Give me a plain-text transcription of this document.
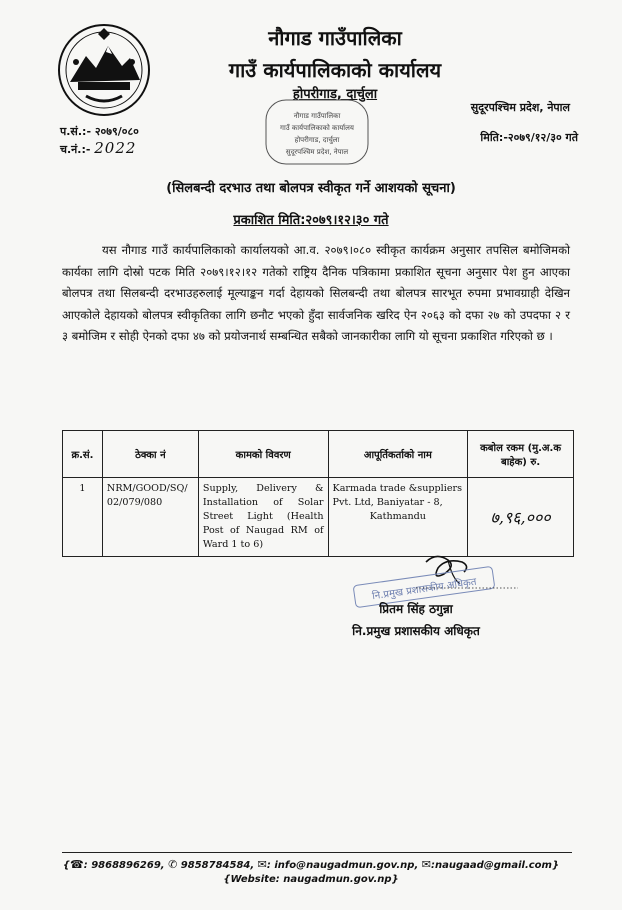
नौगाड गाउँपालिका
गाउँ कार्यपालिकाको कार्यालय
होपरीगाड, दार्चुला
नौगाड गाउँपालिका
गाउँ कार्यपालिकाको कार्यालय
होपरीगाड, दार्चुला
सुदूरपश्चिम प्रदेश, नेपाल
सुदूरपश्चिम प्रदेश, नेपाल
प.सं.:- २०७९/०८०
च.नं.:- 2022
मिति:-२०७९/१२/३० गते
(सिलबन्दी दरभाउ तथा बोलपत्र स्वीकृत गर्ने आशयको सूचना)
प्रकाशित मिति:२०७९।१२।३० गते
यस नौगाड गाउँ कार्यपालिकाको कार्यालयको आ.व. २०७९।०८० स्वीकृत कार्यक्रम अनुसार तपसिल बमोजिमको कार्यका लागि दोस्रो पटक मिति २०७९।१२।१२ गतेको राष्ट्रिय दैनिक पत्रिकामा प्रकाशित सूचना अनुसार पेश हुन आएका बोलपत्र तथा सिलबन्दी दरभाउहरुलाई मूल्याङ्कन गर्दा देहायको सिलबन्दी तथा बोलपत्र सारभूत रुपमा प्रभावग्राही देखिन आएकोले देहायको बोलपत्र स्वीकृतिका लागि छनौट भएको हुँदा सार्वजनिक खरिद ऐन २०६३ को दफा २७ को उपदफा २ र ३ बमोजिम र सोही ऐनको दफा ४७ को प्रयोजनार्थ सम्बन्धित सबैको जानकारीका लागि यो सूचना प्रकाशित गरिएको छ ।
क्र.सं.	ठेक्का नं	कामको विवरण	आपूर्तिकर्ताको नाम	कबोल रकम (मु.अ.क बाहेक) रु.
1	NRM/GOOD/SQ/ 02/079/080	Supply, Delivery & Installation of Solar Street Light (Health Post of Naugad RM of Ward 1 to 6)	Karmada trade &suppliers
Pvt. Ltd, Baniyatar - 8,
Kathmandu	७,९६,०००
नि.प्रमुख प्रशासकीय अधिकृत
प्रितम सिंह ठगुन्ना
नि.प्रमुख प्रशासकीय अधिकृत
{☎: 9868896269, ✆ 9858784584, ✉: info@naugadmun.gov.np, ✉:naugaad@gmail.com}
{Website: naugadmun.gov.np}
